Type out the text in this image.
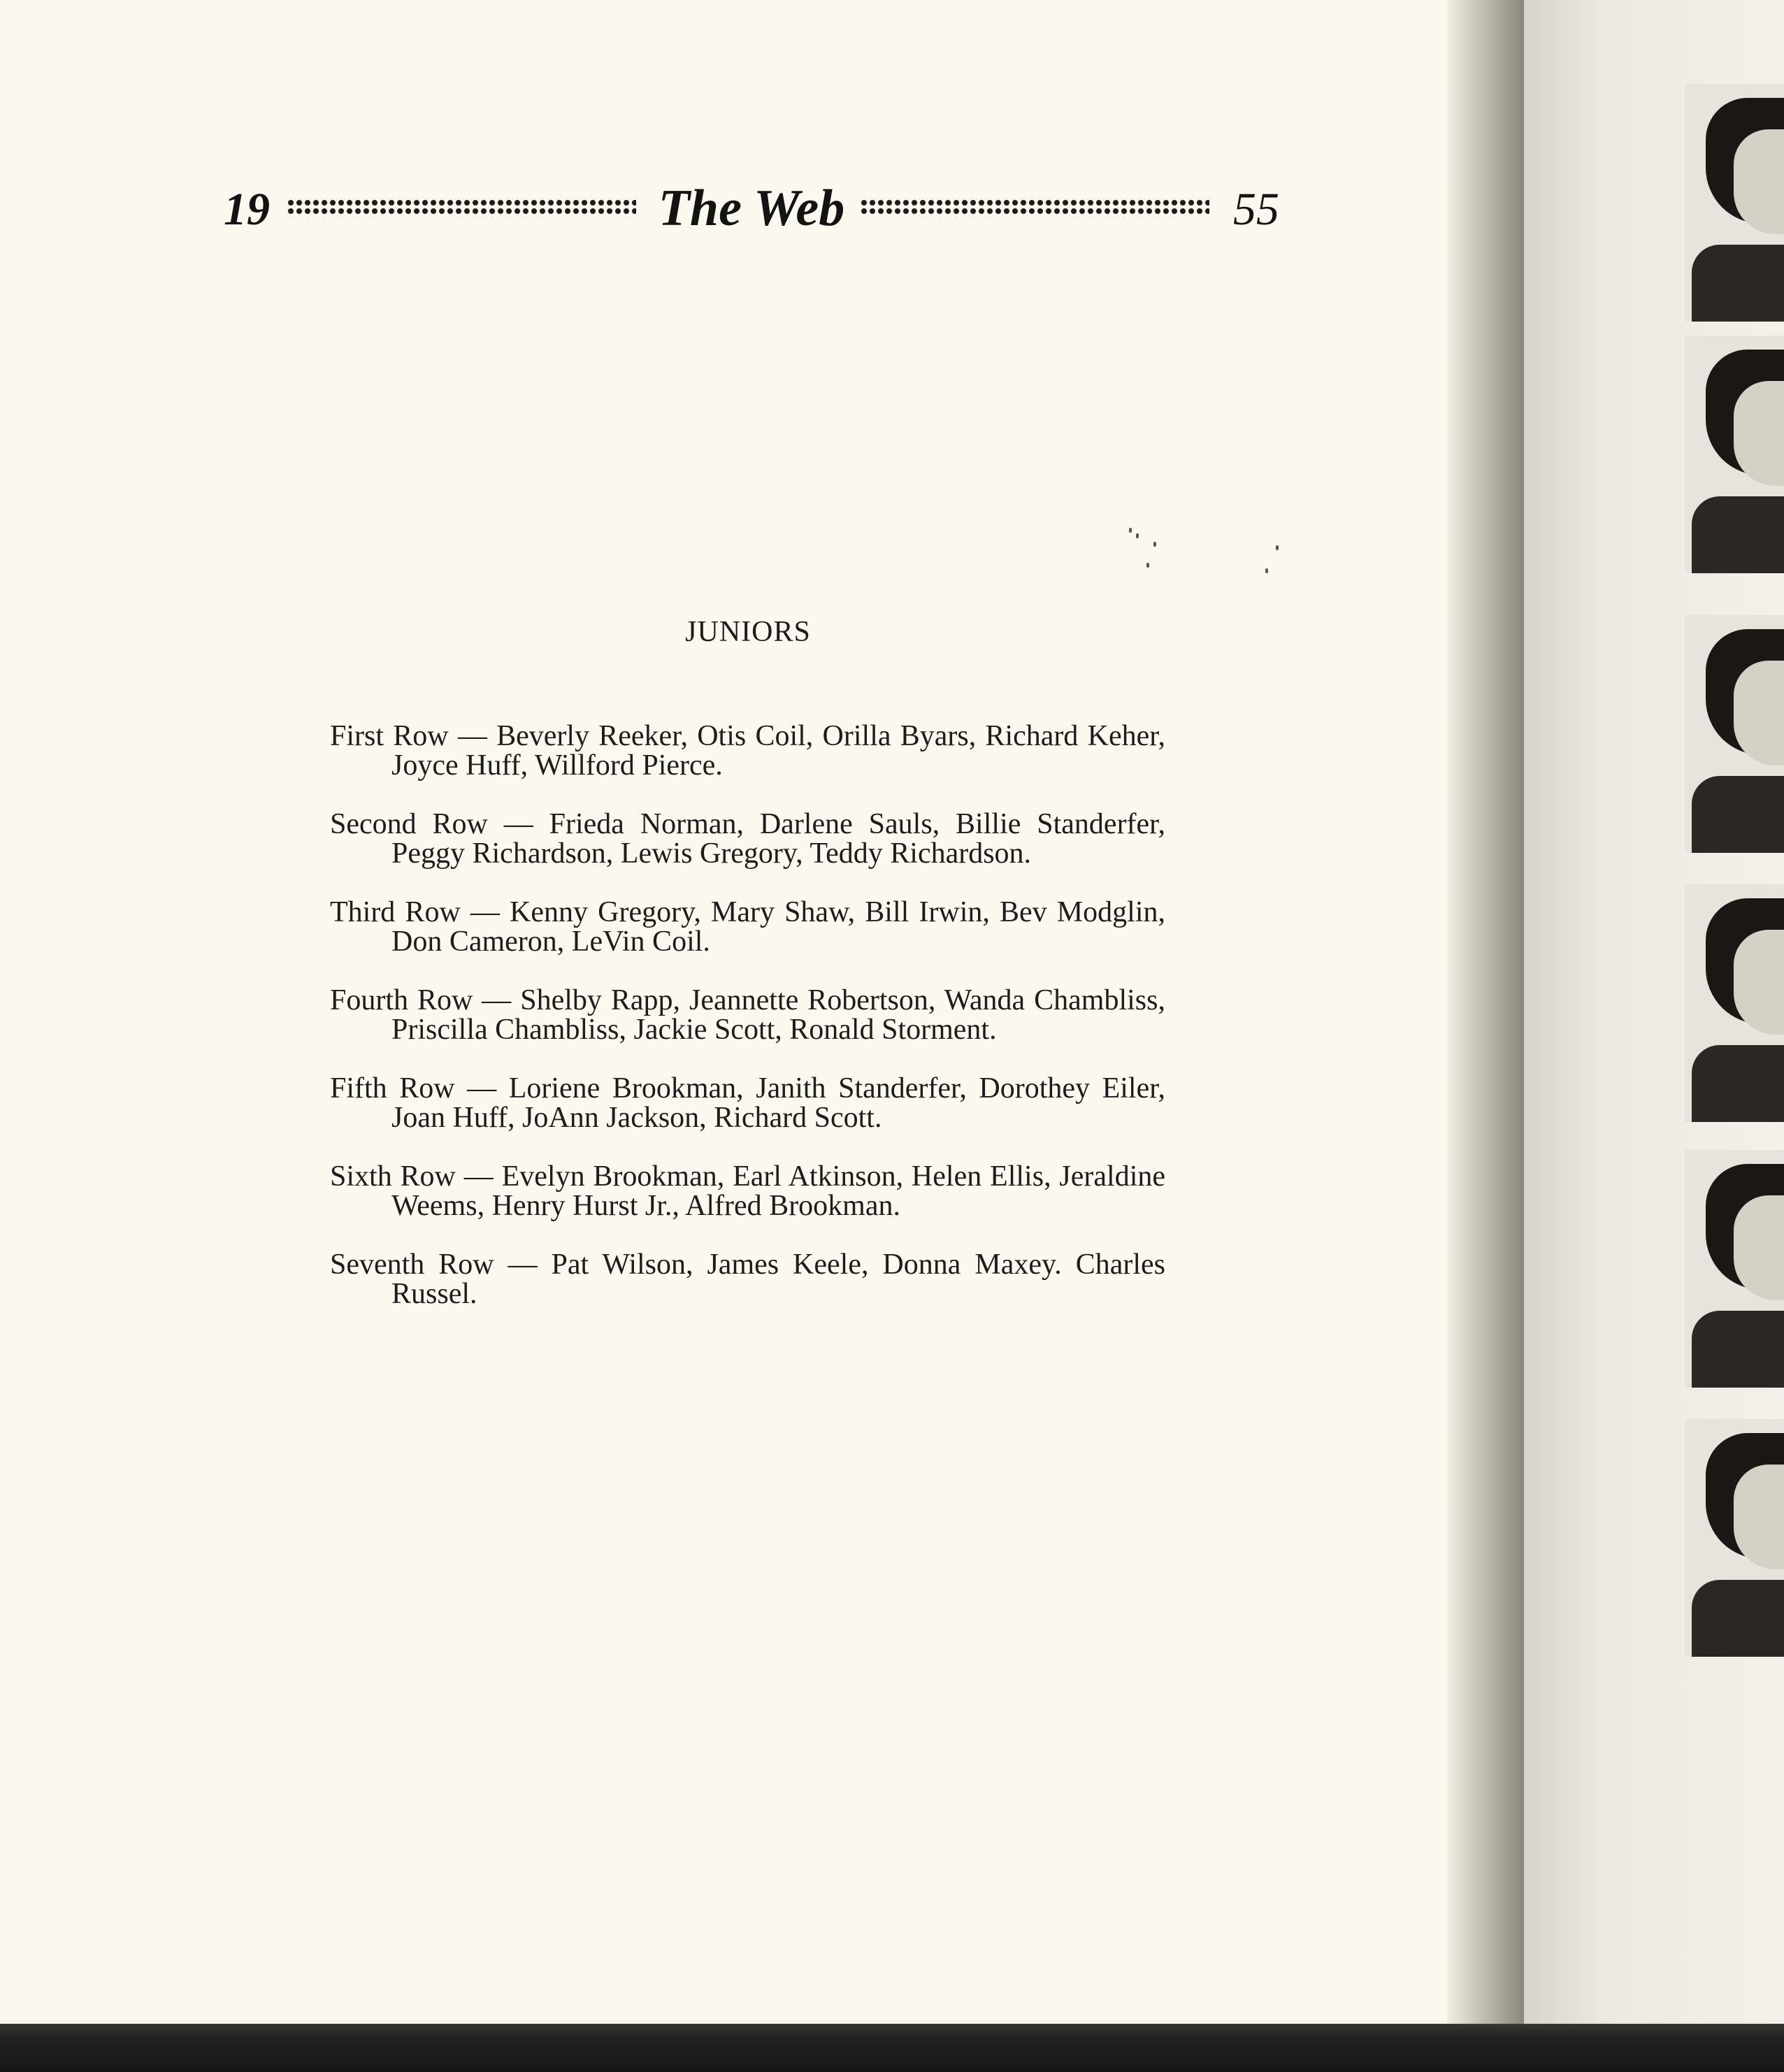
19	The Web	55
JUNIORS

First Row — Beverly Reeker, Otis Coil, Orilla Byars, Richard Keher, Joyce Huff, Willford Pierce.

Second Row — Frieda Norman, Darlene Sauls, Billie Standerfer, Peggy Richardson, Lewis Gregory, Teddy Richardson.

Third Row — Kenny Gregory, Mary Shaw, Bill Irwin, Bev Modglin, Don Cameron, LeVin Coil.

Fourth Row — Shelby Rapp, Jeannette Robertson, Wanda Chambliss, Priscilla Chambliss, Jackie Scott, Ronald Storment.

Fifth Row — Loriene Brookman, Janith Standerfer, Dorothey Eiler, Joan Huff, JoAnn Jackson, Richard Scott.

Sixth Row — Evelyn Brookman, Earl Atkinson, Helen Ellis, Jeraldine Weems, Henry Hurst Jr., Alfred Brookman.

Seventh Row — Pat Wilson, James Keele, Donna Maxey. Charles Russel.
